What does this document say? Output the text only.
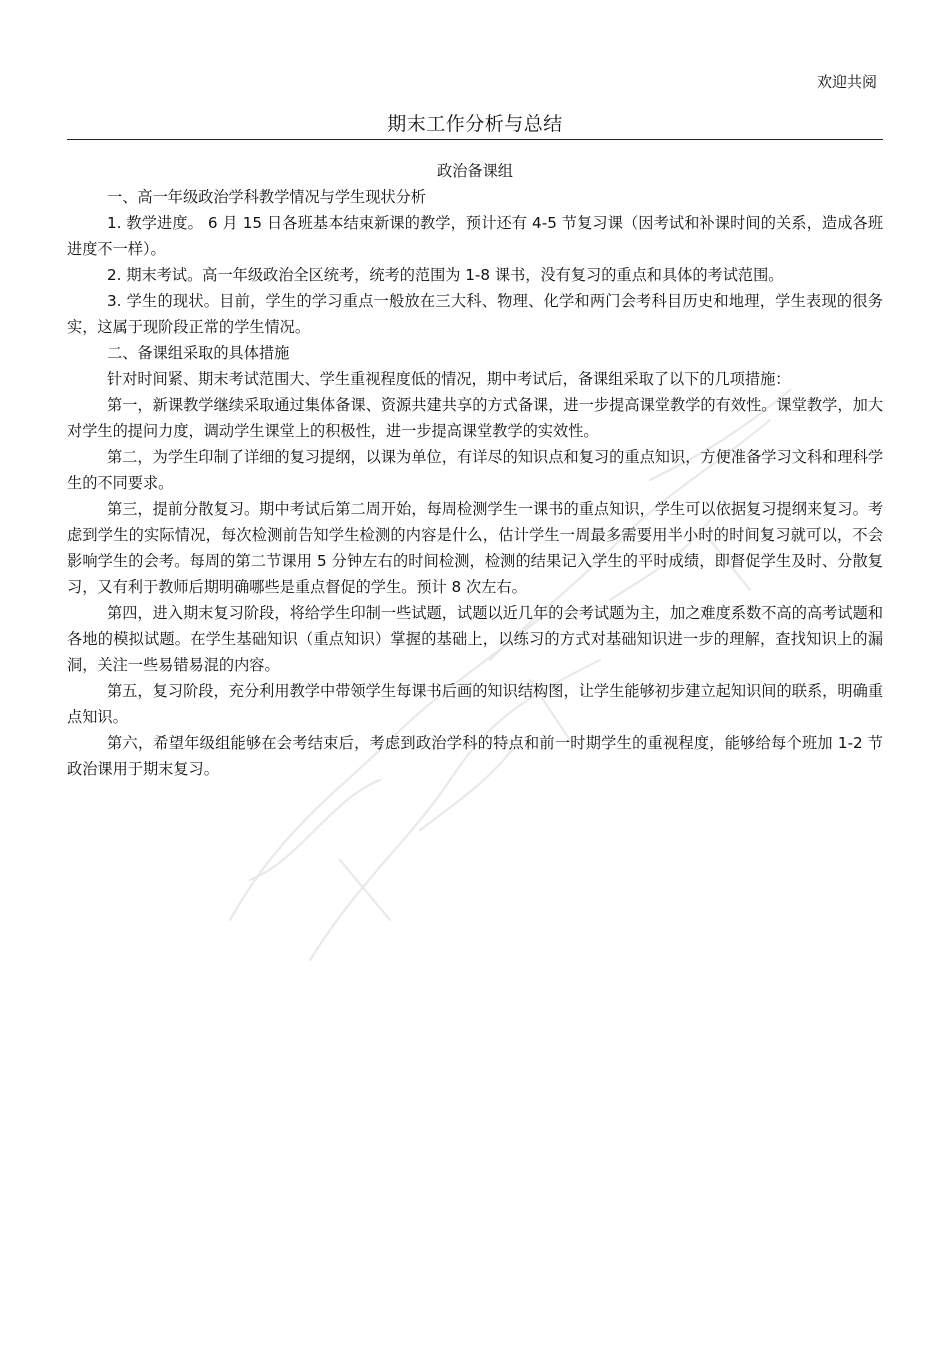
欢迎共阅
期末工作分析与总结

政治备课组

一、高一年级政治学科教学情况与学生现状分析

1. 教学进度。 6 月 15 日各班基本结束新课的教学，预计还有 4-5 节复习课（因考试和补课时间的关系，造成各班进度不一样）。

2. 期末考试。高一年级政治全区统考，统考的范围为 1-8 课书，没有复习的重点和具体的考试范围。

3. 学生的现状。目前，学生的学习重点一般放在三大科、物理、化学和两门会考科目历史和地理，学生表现的很务实，这属于现阶段正常的学生情况。

二、备课组采取的具体措施

针对时间紧、期末考试范围大、学生重视程度低的情况，期中考试后，备课组采取了以下的几项措施：

第一，新课教学继续采取通过集体备课、资源共建共享的方式备课，进一步提高课堂教学的有效性。课堂教学，加大对学生的提问力度，调动学生课堂上的积极性，进一步提高课堂教学的实效性。

第二，为学生印制了详细的复习提纲，以课为单位，有详尽的知识点和复习的重点知识，方便准备学习文科和理科学生的不同要求。

第三，提前分散复习。期中考试后第二周开始，每周检测学生一课书的重点知识，学生可以依据复习提纲来复习。考虑到学生的实际情况，每次检测前告知学生检测的内容是什么，估计学生一周最多需要用半小时的时间复习就可以，不会影响学生的会考。每周的第二节课用 5 分钟左右的时间检测，检测的结果记入学生的平时成绩，即督促学生及时、分散复习，又有利于教师后期明确哪些是重点督促的学生。预计 8 次左右。

第四，进入期末复习阶段，将给学生印制一些试题，试题以近几年的会考试题为主，加之难度系数不高的高考试题和各地的模拟试题。在学生基础知识（重点知识）掌握的基础上，以练习的方式对基础知识进一步的理解，查找知识上的漏洞，关注一些易错易混的内容。

第五，复习阶段，充分利用教学中带领学生每课书后画的知识结构图，让学生能够初步建立起知识间的联系，明确重点知识。

第六，希望年级组能够在会考结束后，考虑到政治学科的特点和前一时期学生的重视程度，能够给每个班加 1-2 节政治课用于期末复习。
